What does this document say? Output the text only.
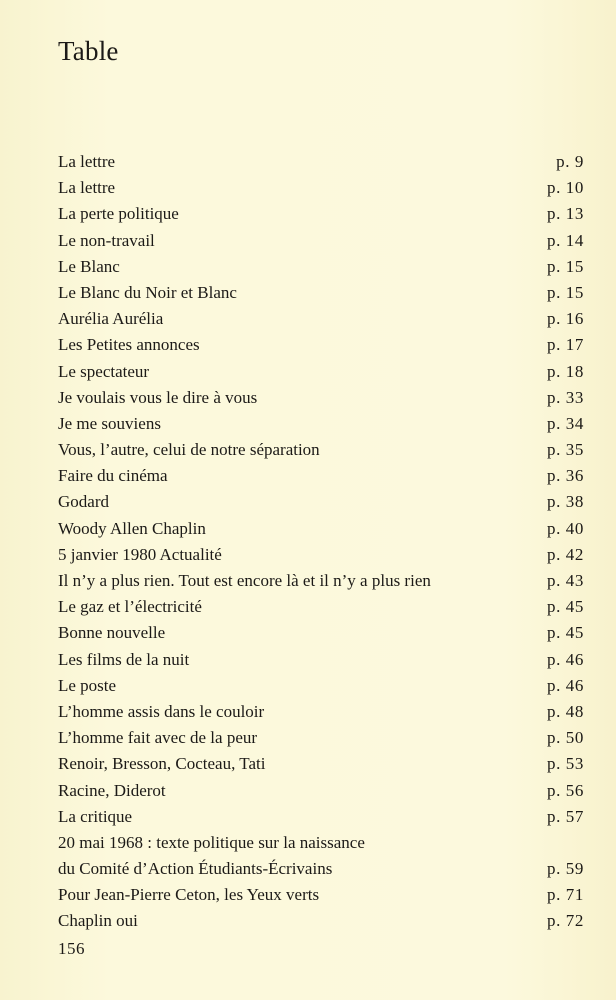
Table
La lettre	p. 9
La lettre	p. 10
La perte politique	p. 13
Le non-travail	p. 14
Le Blanc	p. 15
Le Blanc du Noir et Blanc	p. 15
Aurélia Aurélia	p. 16
Les Petites annonces	p. 17
Le spectateur	p. 18
Je voulais vous le dire à vous	p. 33
Je me souviens	p. 34
Vous, l’autre, celui de notre séparation	p. 35
Faire du cinéma	p. 36
Godard	p. 38
Woody Allen Chaplin	p. 40
5 janvier 1980 Actualité	p. 42
Il n’y a plus rien. Tout est encore là et il n’y a plus rien	p. 43
Le gaz et l’électricité	p. 45
Bonne nouvelle	p. 45
Les films de la nuit	p. 46
Le poste	p. 46
L’homme assis dans le couloir	p. 48
L’homme fait avec de la peur	p. 50
Renoir, Bresson, Cocteau, Tati	p. 53
Racine, Diderot	p. 56
La critique	p. 57
20 mai 1968 : texte politique sur la naissance
du Comité d’Action Étudiants-Écrivains	p. 59
Pour Jean-Pierre Ceton, les Yeux verts	p. 71
Chaplin oui	p. 72
156
